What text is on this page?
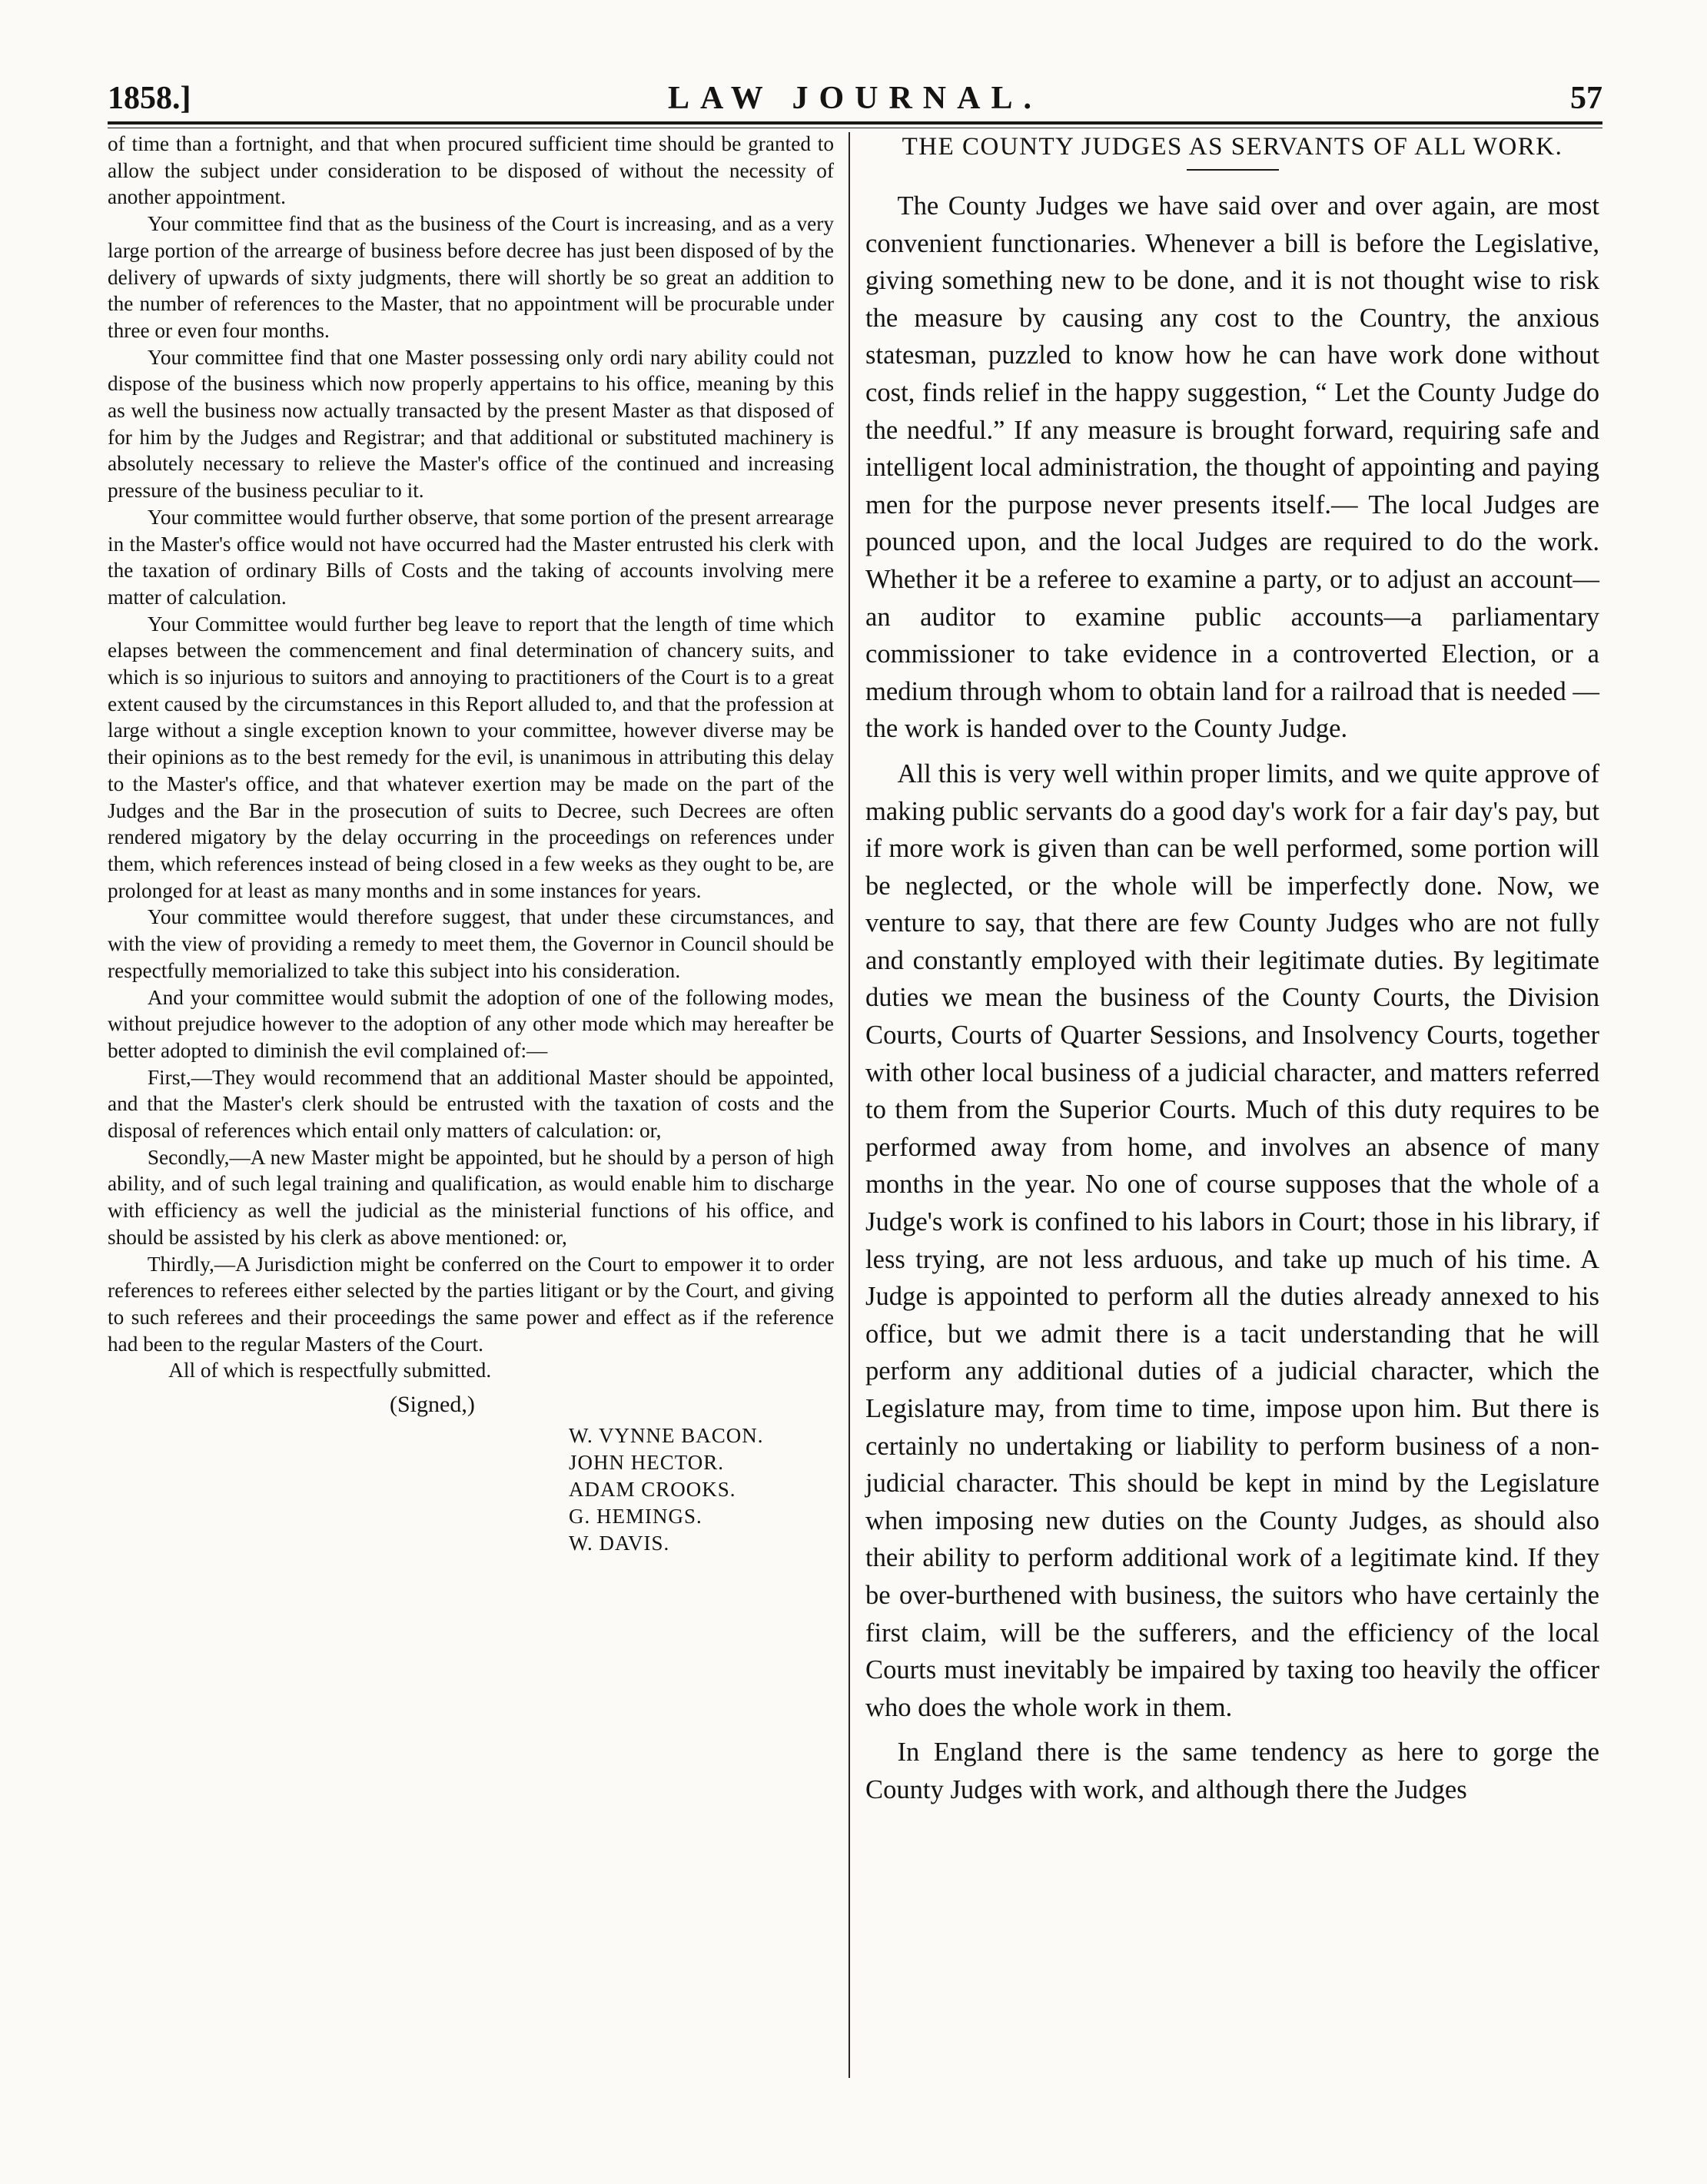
1858.]	LAW JOURNAL.	57

of time than a fortnight, and that when procured sufficient time should be granted to allow the subject under consideration to be disposed of without the necessity of another appointment.

Your committee find that as the business of the Court is increasing, and as a very large portion of the arrearge of business before decree has just been disposed of by the delivery of upwards of sixty judgments, there will shortly be so great an addition to the number of references to the Master, that no appointment will be procurable under three or even four months.

Your committee find that one Master possessing only ordi nary ability could not dispose of the business which now properly appertains to his office, meaning by this as well the business now actually transacted by the present Master as that disposed of for him by the Judges and Registrar; and that additional or substituted machinery is absolutely necessary to relieve the Master's office of the continued and increasing pressure of the business peculiar to it.

Your committee would further observe, that some portion of the present arrearage in the Master's office would not have occurred had the Master entrusted his clerk with the taxation of ordinary Bills of Costs and the taking of accounts involving mere matter of calculation.

Your Committee would further beg leave to report that the length of time which elapses between the commencement and final determination of chancery suits, and which is so injurious to suitors and annoying to practitioners of the Court is to a great extent caused by the circumstances in this Report alluded to, and that the profession at large without a single exception known to your committee, however diverse may be their opinions as to the best remedy for the evil, is unanimous in attributing this delay to the Master's office, and that whatever exertion may be made on the part of the Judges and the Bar in the prosecution of suits to Decree, such Decrees are often rendered migatory by the delay occurring in the proceedings on references under them, which references instead of being closed in a few weeks as they ought to be, are prolonged for at least as many months and in some instances for years.

Your committee would therefore suggest, that under these circumstances, and with the view of providing a remedy to meet them, the Governor in Council should be respectfully memorialized to take this subject into his consideration.

And your committee would submit the adoption of one of the following modes, without prejudice however to the adoption of any other mode which may hereafter be better adopted to diminish the evil complained of:—

First,—They would recommend that an additional Master should be appointed, and that the Master's clerk should be entrusted with the taxation of costs and the disposal of references which entail only matters of calculation: or,

Secondly,—A new Master might be appointed, but he should by a person of high ability, and of such legal training and qualification, as would enable him to discharge with efficiency as well the judicial as the ministerial functions of his office, and should be assisted by his clerk as above mentioned: or,

Thirdly,—A Jurisdiction might be conferred on the Court to empower it to order references to referees either selected by the parties litigant or by the Court, and giving to such referees and their proceedings the same power and effect as if the reference had been to the regular Masters of the Court.

All of which is respectfully submitted.

(Signed,)
W. VYNNE BACON.
JOHN HECTOR.
ADAM CROOKS.
G. HEMINGS.
W. DAVIS.
THE COUNTY JUDGES AS SERVANTS OF ALL WORK.

The County Judges we have said over and over again, are most convenient functionaries. Whenever a bill is before the Legislative, giving something new to be done, and it is not thought wise to risk the measure by causing any cost to the Country, the anxious statesman, puzzled to know how he can have work done without cost, finds relief in the happy suggestion, “ Let the County Judge do the needful.” If any measure is brought forward, requiring safe and intelligent local administration, the thought of appointing and paying men for the purpose never presents itself.— The local Judges are pounced upon, and the local Judges are required to do the work. Whether it be a referee to examine a party, or to adjust an account—an auditor to examine public accounts—a parliamentary commissioner to take evidence in a controverted Election, or a medium through whom to obtain land for a railroad that is needed —the work is handed over to the County Judge.

All this is very well within proper limits, and we quite approve of making public servants do a good day's work for a fair day's pay, but if more work is given than can be well performed, some portion will be neglected, or the whole will be imperfectly done. Now, we venture to say, that there are few County Judges who are not fully and constantly employed with their legitimate duties. By legitimate duties we mean the business of the County Courts, the Division Courts, Courts of Quarter Sessions, and Insolvency Courts, together with other local business of a judicial character, and matters referred to them from the Superior Courts. Much of this duty requires to be performed away from home, and involves an absence of many months in the year. No one of course supposes that the whole of a Judge's work is confined to his labors in Court; those in his library, if less trying, are not less arduous, and take up much of his time. A Judge is appointed to perform all the duties already annexed to his office, but we admit there is a tacit understanding that he will perform any additional duties of a judicial character, which the Legislature may, from time to time, impose upon him. But there is certainly no undertaking or liability to perform business of a non-judicial character. This should be kept in mind by the Legislature when imposing new duties on the County Judges, as should also their ability to perform additional work of a legitimate kind. If they be over-burthened with business, the suitors who have certainly the first claim, will be the sufferers, and the efficiency of the local Courts must inevitably be impaired by taxing too heavily the officer who does the whole work in them.

In England there is the same tendency as here to gorge the County Judges with work, and although there the Judges
